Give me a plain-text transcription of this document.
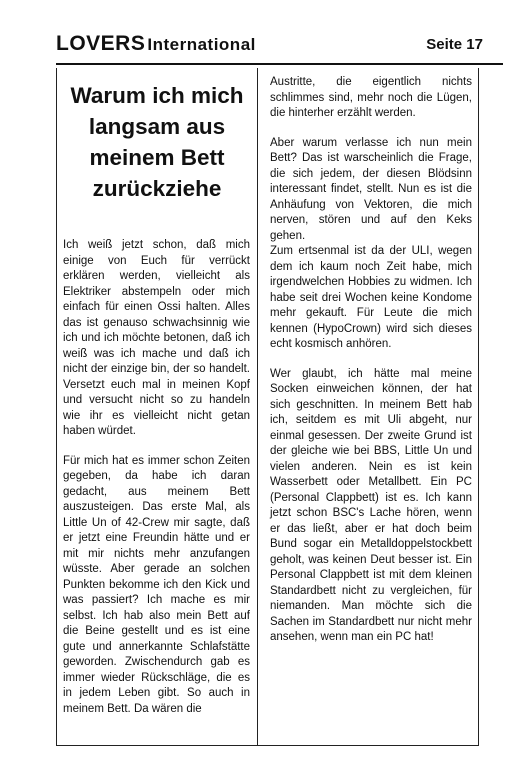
LOVERS International	Seite 17
Warum ich mich langsam aus meinem Bett zurückziehe

Ich weiß jetzt schon, daß mich einige von Euch für verrückt erklären werden, vielleicht als Elektriker abstempeln oder mich einfach für einen Ossi halten. Alles das ist genauso schwachsinnig wie ich und ich möchte betonen, daß ich weiß was ich mache und daß ich nicht der einzige bin, der so handelt. Versetzt euch mal in meinen Kopf und versucht nicht so zu handeln wie ihr es vielleicht nicht getan haben würdet.

Für mich hat es immer schon Zeiten gegeben, da habe ich daran gedacht, aus meinem Bett auszusteigen. Das erste Mal, als Little Un of 42-Crew mir sagte, daß er jetzt eine Freundin hätte und er mit mir nichts mehr anzufangen wüsste. Aber gerade an solchen Punkten bekomme ich den Kick und was passiert? Ich mache es mir selbst. Ich hab also mein Bett auf die Beine gestellt und es ist eine gute und annerkannte Schlafstätte geworden. Zwischendurch gab es immer wieder Rückschläge, die es in jedem Leben gibt. So auch in meinem Bett. Da wären die

Austritte, die eigentlich nichts schlimmes sind, mehr noch die Lügen, die hinterher erzählt werden.

Aber warum verlasse ich nun mein Bett? Das ist warscheinlich die Frage, die sich jedem, der diesen Blödsinn interessant findet, stellt. Nun es ist die Anhäufung von Vektoren, die mich nerven, stören und auf den Keks gehen.

Zum ertsenmal ist da der ULI, wegen dem ich kaum noch Zeit habe, mich irgendwelchen Hobbies zu widmen. Ich habe seit drei Wochen keine Kondome mehr gekauft. Für Leute die mich kennen (HypoCrown) wird sich dieses echt kosmisch anhören.

Wer glaubt, ich hätte mal meine Socken einweichen können, der hat sich geschnitten. In meinem Bett hab ich, seitdem es mit Uli abgeht, nur einmal gesessen. Der zweite Grund ist der gleiche wie bei BBS, Little Un und vielen anderen. Nein es ist kein Wasserbett oder Metallbett. Ein PC (Personal Clappbett) ist es. Ich kann jetzt schon BSC's Lache hören, wenn er das ließt, aber er hat doch beim Bund sogar ein Metalldoppelstockbett geholt, was keinen Deut besser ist. Ein Personal Clappbett ist mit dem kleinen Standardbett nicht zu vergleichen, für niemanden. Man möchte sich die Sachen im Standardbett nur nicht mehr ansehen, wenn man ein PC hat!
